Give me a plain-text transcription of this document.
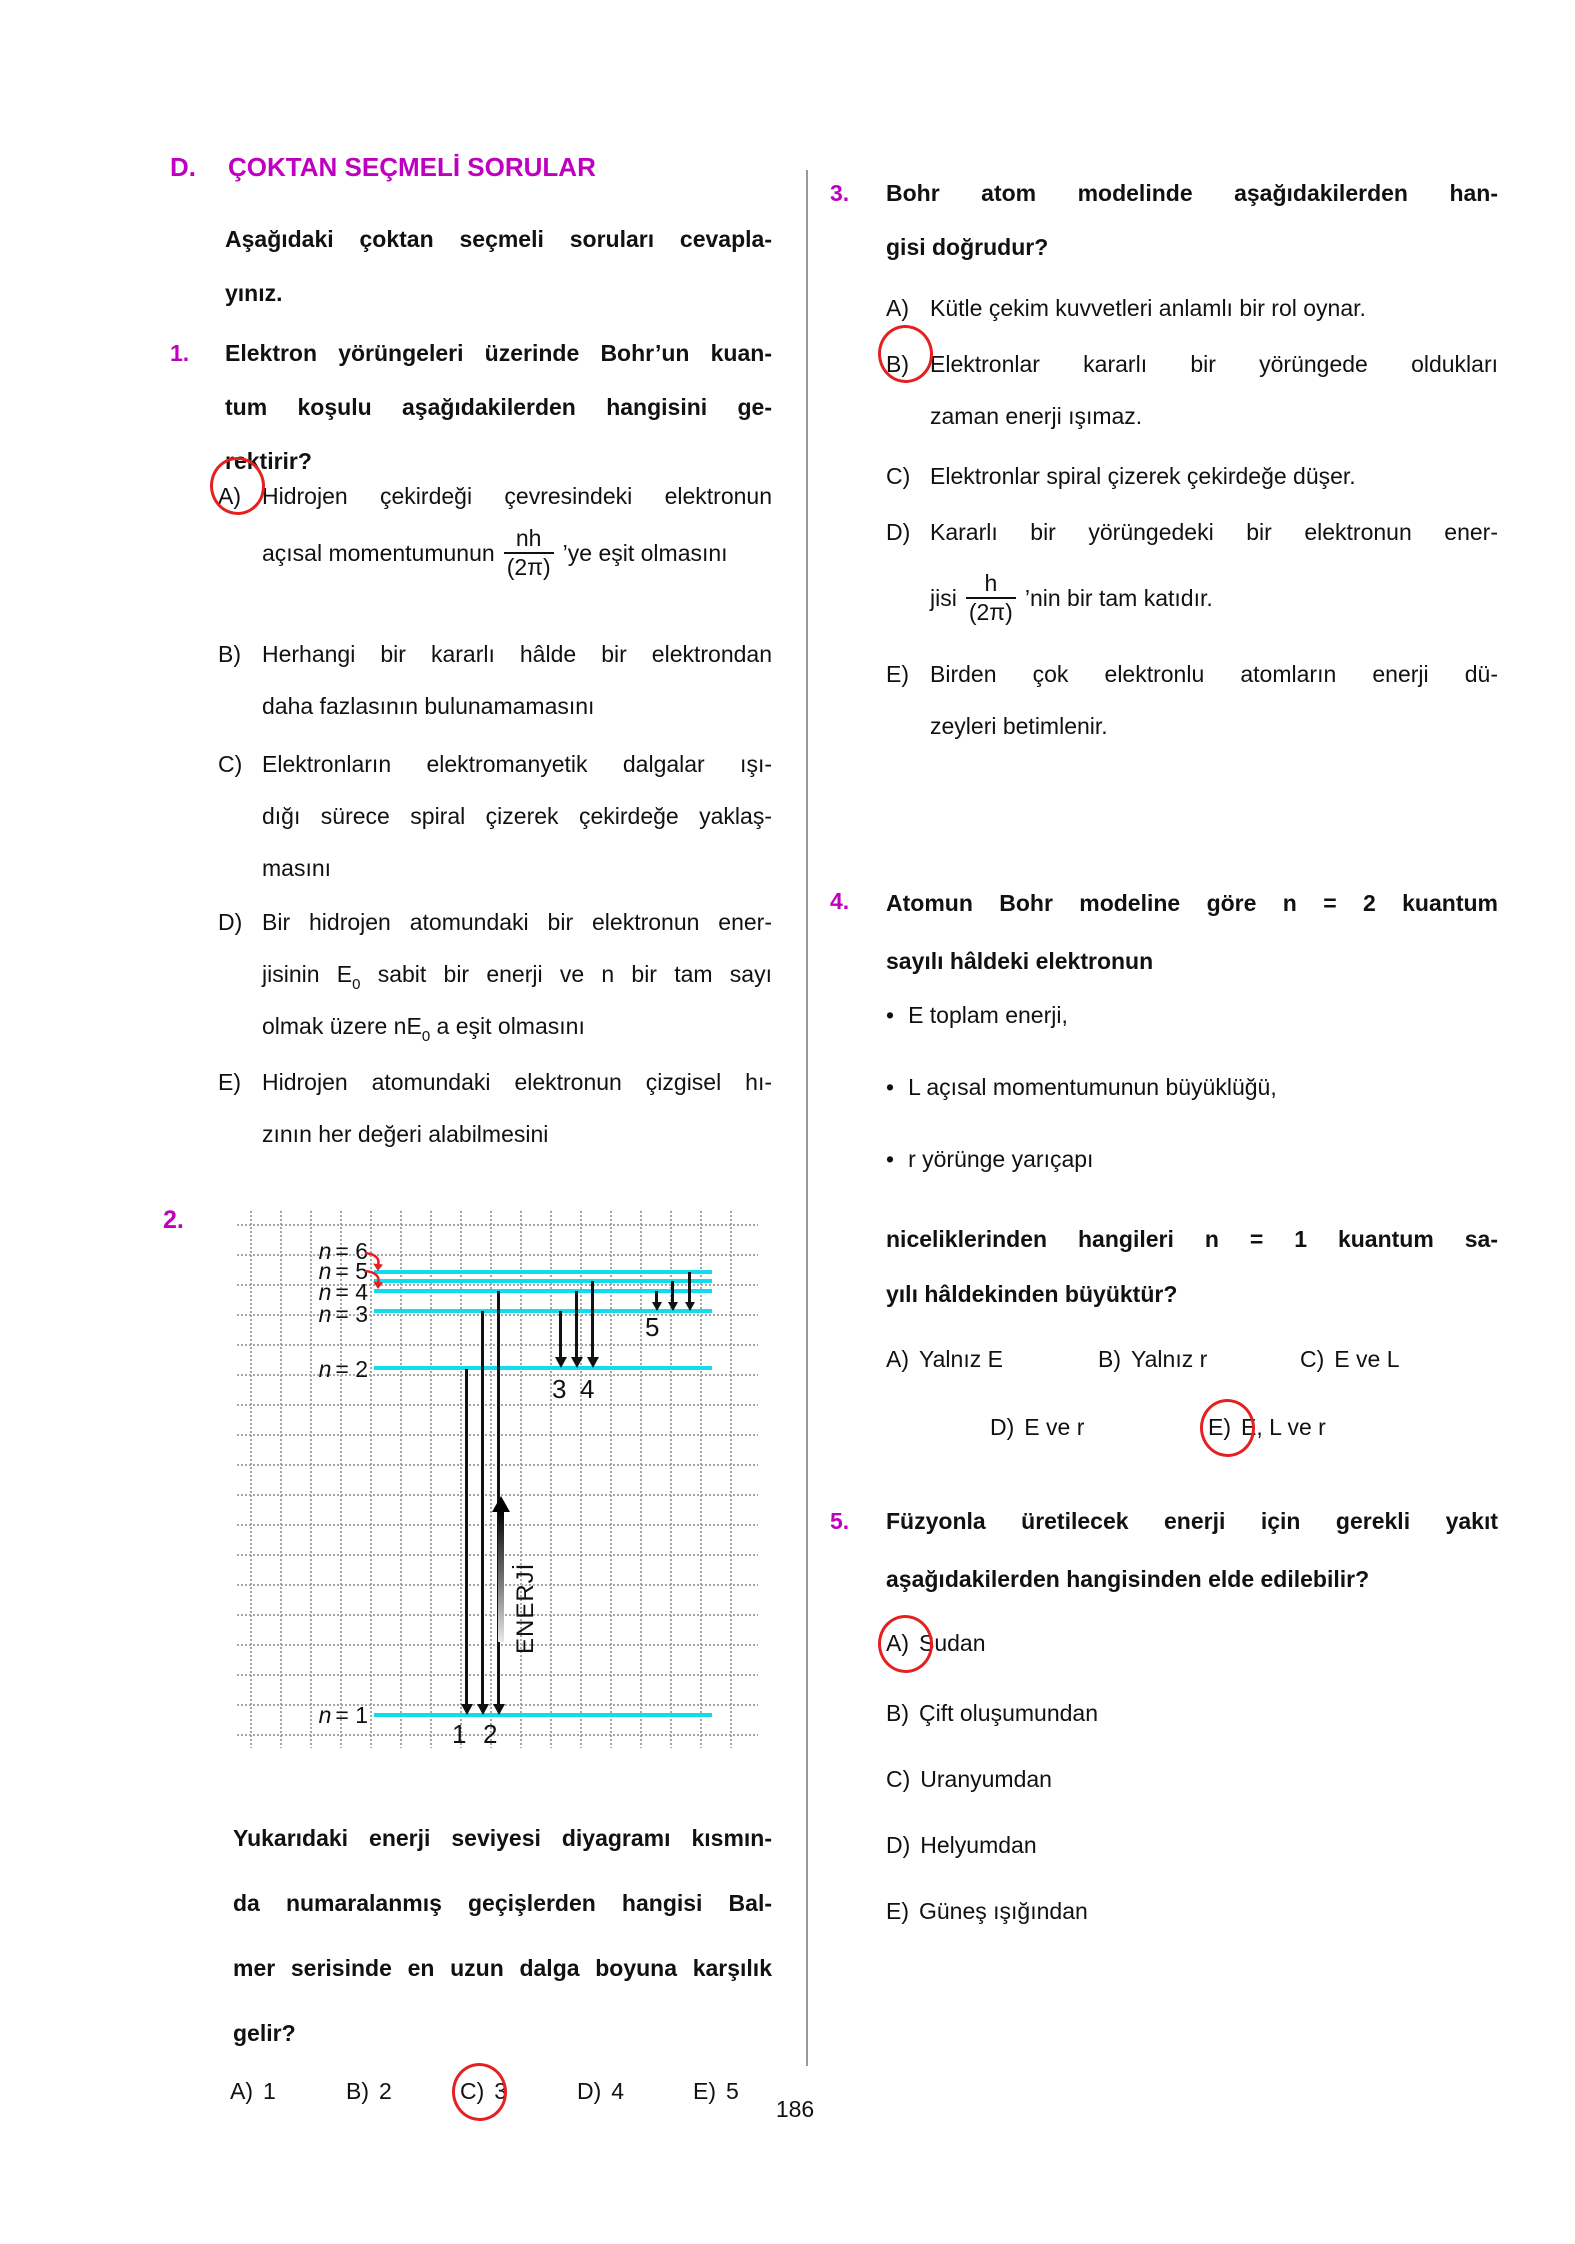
D. ÇOKTAN SEÇMELİ SORULAR
Aşağıdaki çoktan seçmeli soruları cevapla-
yınız.
1. Elektron yörüngeleri üzerinde Bohr’un kuan-
tum koşulu aşağıdakilerden hangisini ge-
rektirir?
A) Hidrojen çekirdeği çevresindeki elektronun
açısal momentumunun $\frac{nh}{(2\pi)}$ ’ye eşit olmasını
B) Herhangi bir kararlı hâlde bir elektrondan
daha fazlasının bulunamamasını
C) Elektronların elektromanyetik dalgalar ışı-
dığı sürece spiral çizerek çekirdeğe yaklaş-
masını
D) Bir hidrojen atomundaki bir elektronun ener-
jisinin $E_0$ sabit bir enerji ve n bir tam sayı
olmak üzere $nE_0$ a eşit olmasını
E) Hidrojen atomundaki elektronun çizgisel hı-
zının her değeri alabilmesini
2.
n = 6
n = 5
n = 4
n = 3
n = 2
n = 1
1 2
3 4
5
ENERJİ
Yukarıdaki enerji seviyesi diyagramı kısmın-
da numaralanmış geçişlerden hangisi Bal-
mer serisinde en uzun dalga boyuna karşılık
gelir?
A) 1	B) 2	C) 3	D) 4	E) 5
3. Bohr atom modelinde aşağıdakilerden han-
gisi doğrudur?
A) Kütle çekim kuvvetleri anlamlı bir rol oynar.
B) Elektronlar kararlı bir yörüngede oldukları
zaman enerji ışımaz.
C) Elektronlar spiral çizerek çekirdeğe düşer.
D) Kararlı bir yörüngedeki bir elektronun ener-
jisi $\frac{h}{(2\pi)}$ ’nin bir tam katıdır.
E) Birden çok elektronlu atomların enerji dü-
zeyleri betimlenir.
4. Atomun Bohr modeline göre n = 2 kuantum
sayılı hâldeki elektronun
• E toplam enerji,
• L açısal momentumunun büyüklüğü,
• r yörünge yarıçapı
niceliklerinden hangileri n = 1 kuantum sa-
yılı hâldekinden büyüktür?
A) Yalnız E	B) Yalnız r	C) E ve L
D) E ve r	E) E, L ve r
5. Füzyonla üretilecek enerji için gerekli yakıt
aşağıdakilerden hangisinden elde edilebilir?
A) Sudan
B) Çift oluşumundan
C) Uranyumdan
D) Helyumdan
E) Güneş ışığından
186
